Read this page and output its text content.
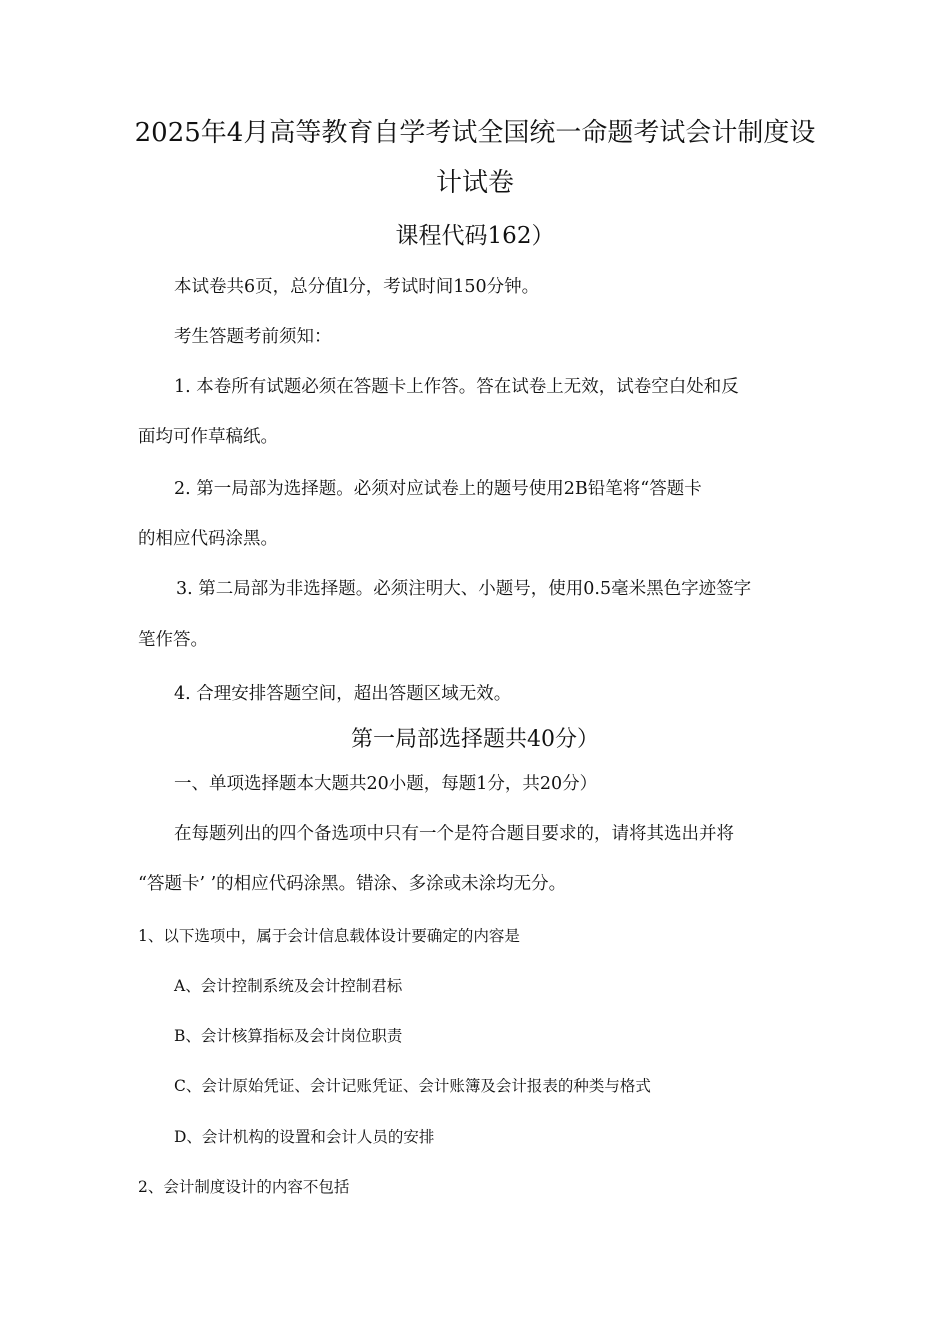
2025年4月高等教育自学考试全国统一命题考试会计制度设
计试卷
课程代码162）
本试卷共6页，总分值l分，考试时间150分钟。
考生答题考前须知：
1. 本卷所有试题必须在答题卡上作答。答在试卷上无效，试卷空白处和反
面均可作草稿纸。
2. 第一局部为选择题。必须对应试卷上的题号使用2B铅笔将“答题卡
的相应代码涂黑。
3. 第二局部为非选择题。必须注明大、小题号，使用0.5毫米黑色字迹签字
笔作答。
4. 合理安排答题空间，超出答题区域无效。
第一局部选择题共40分）
一、单项选择题本大题共20小题，每题1分，共20分）
在每题列出的四个备选项中只有一个是符合题目要求的，请将其选出并将
“答题卡’ ’的相应代码涂黑。错涂、多涂或未涂均无分。
1、以下选项中，属于会计信息载体设计要确定的内容是
A、会计控制系统及会计控制君标
B、会计核算指标及会计岗位职责
C、会计原始凭证、会计记账凭证、会计账簿及会计报表的种类与格式
D、会计机构的设置和会计人员的安排
2、会计制度设计的内容不包括
